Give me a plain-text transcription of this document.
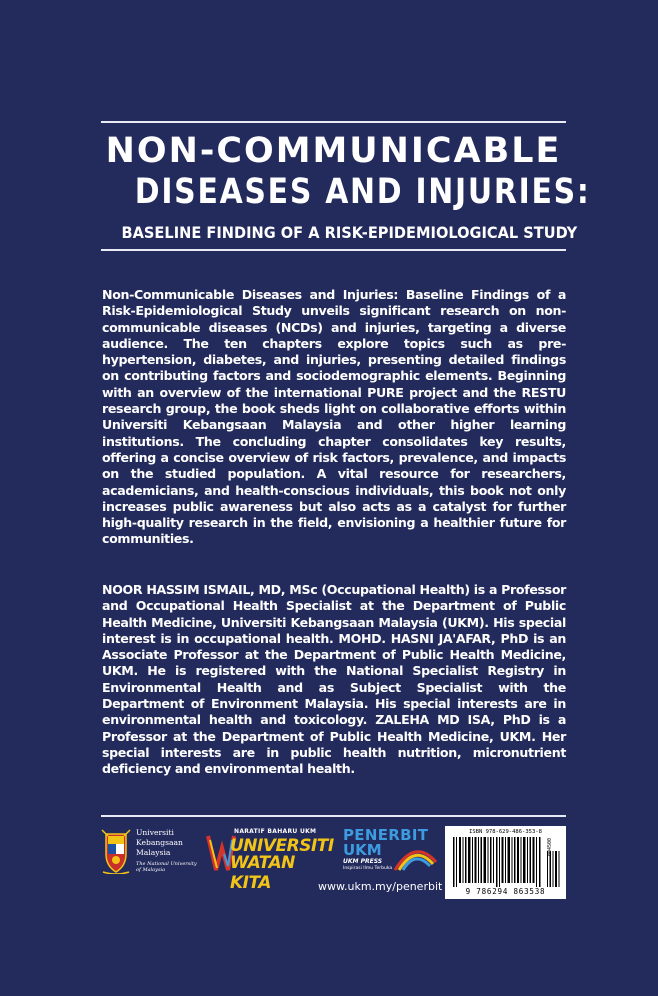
NON-COMMUNICABLE
DISEASES AND INJURIES:
BASELINE FINDING OF A RISK-EPIDEMIOLOGICAL STUDY
Non-Communicable Diseases and Injuries: Baseline Findings of a Risk-Epidemiological Study unveils significant research on non-communicable diseases (NCDs) and injuries, targeting a diverse audience. The ten chapters explore topics such as pre-hypertension, diabetes, and injuries, presenting detailed findings on contributing factors and sociodemographic elements. Beginning with an overview of the international PURE project and the RESTU research group, the book sheds light on collaborative efforts within Universiti Kebangsaan Malaysia and other higher learning institutions. The concluding chapter consolidates key results, offering a concise overview of risk factors, prevalence, and impacts on the studied population. A vital resource for researchers, academicians, and health-conscious individuals, this book not only increases public awareness but also acts as a catalyst for further high-quality research in the field, envisioning a healthier future for communities.
NOOR HASSIM ISMAIL, MD, MSc (Occupational Health) is a Professor and Occupational Health Specialist at the Department of Public Health Medicine, Universiti Kebangsaan Malaysia (UKM). His special interest is in occupational health. MOHD. HASNI JA'AFAR, PhD is an Associate Professor at the Department of Public Health Medicine, UKM. He is registered with the National Specialist Registry in Environmental Health and as Subject Specialist with the Department of Environment Malaysia. His special interests are in environmental health and toxicology. ZALEHA MD ISA, PhD is a Professor at the Department of Public Health Medicine, UKM. Her special interests are in public health nutrition, micronutrient deficiency and environmental health.
Universiti
Kebangsaan
Malaysia
The National University
of Malaysia
NARATIF BAHARU UKM
UNIVERSITI
WATAN KITA
PENERBIT
UKM
UKM PRESS
Inspirasi Ilmu Terbuka
www.ukm.my/penerbit
ISBN 978-629-486-353-8
004500
9 786294 863538
